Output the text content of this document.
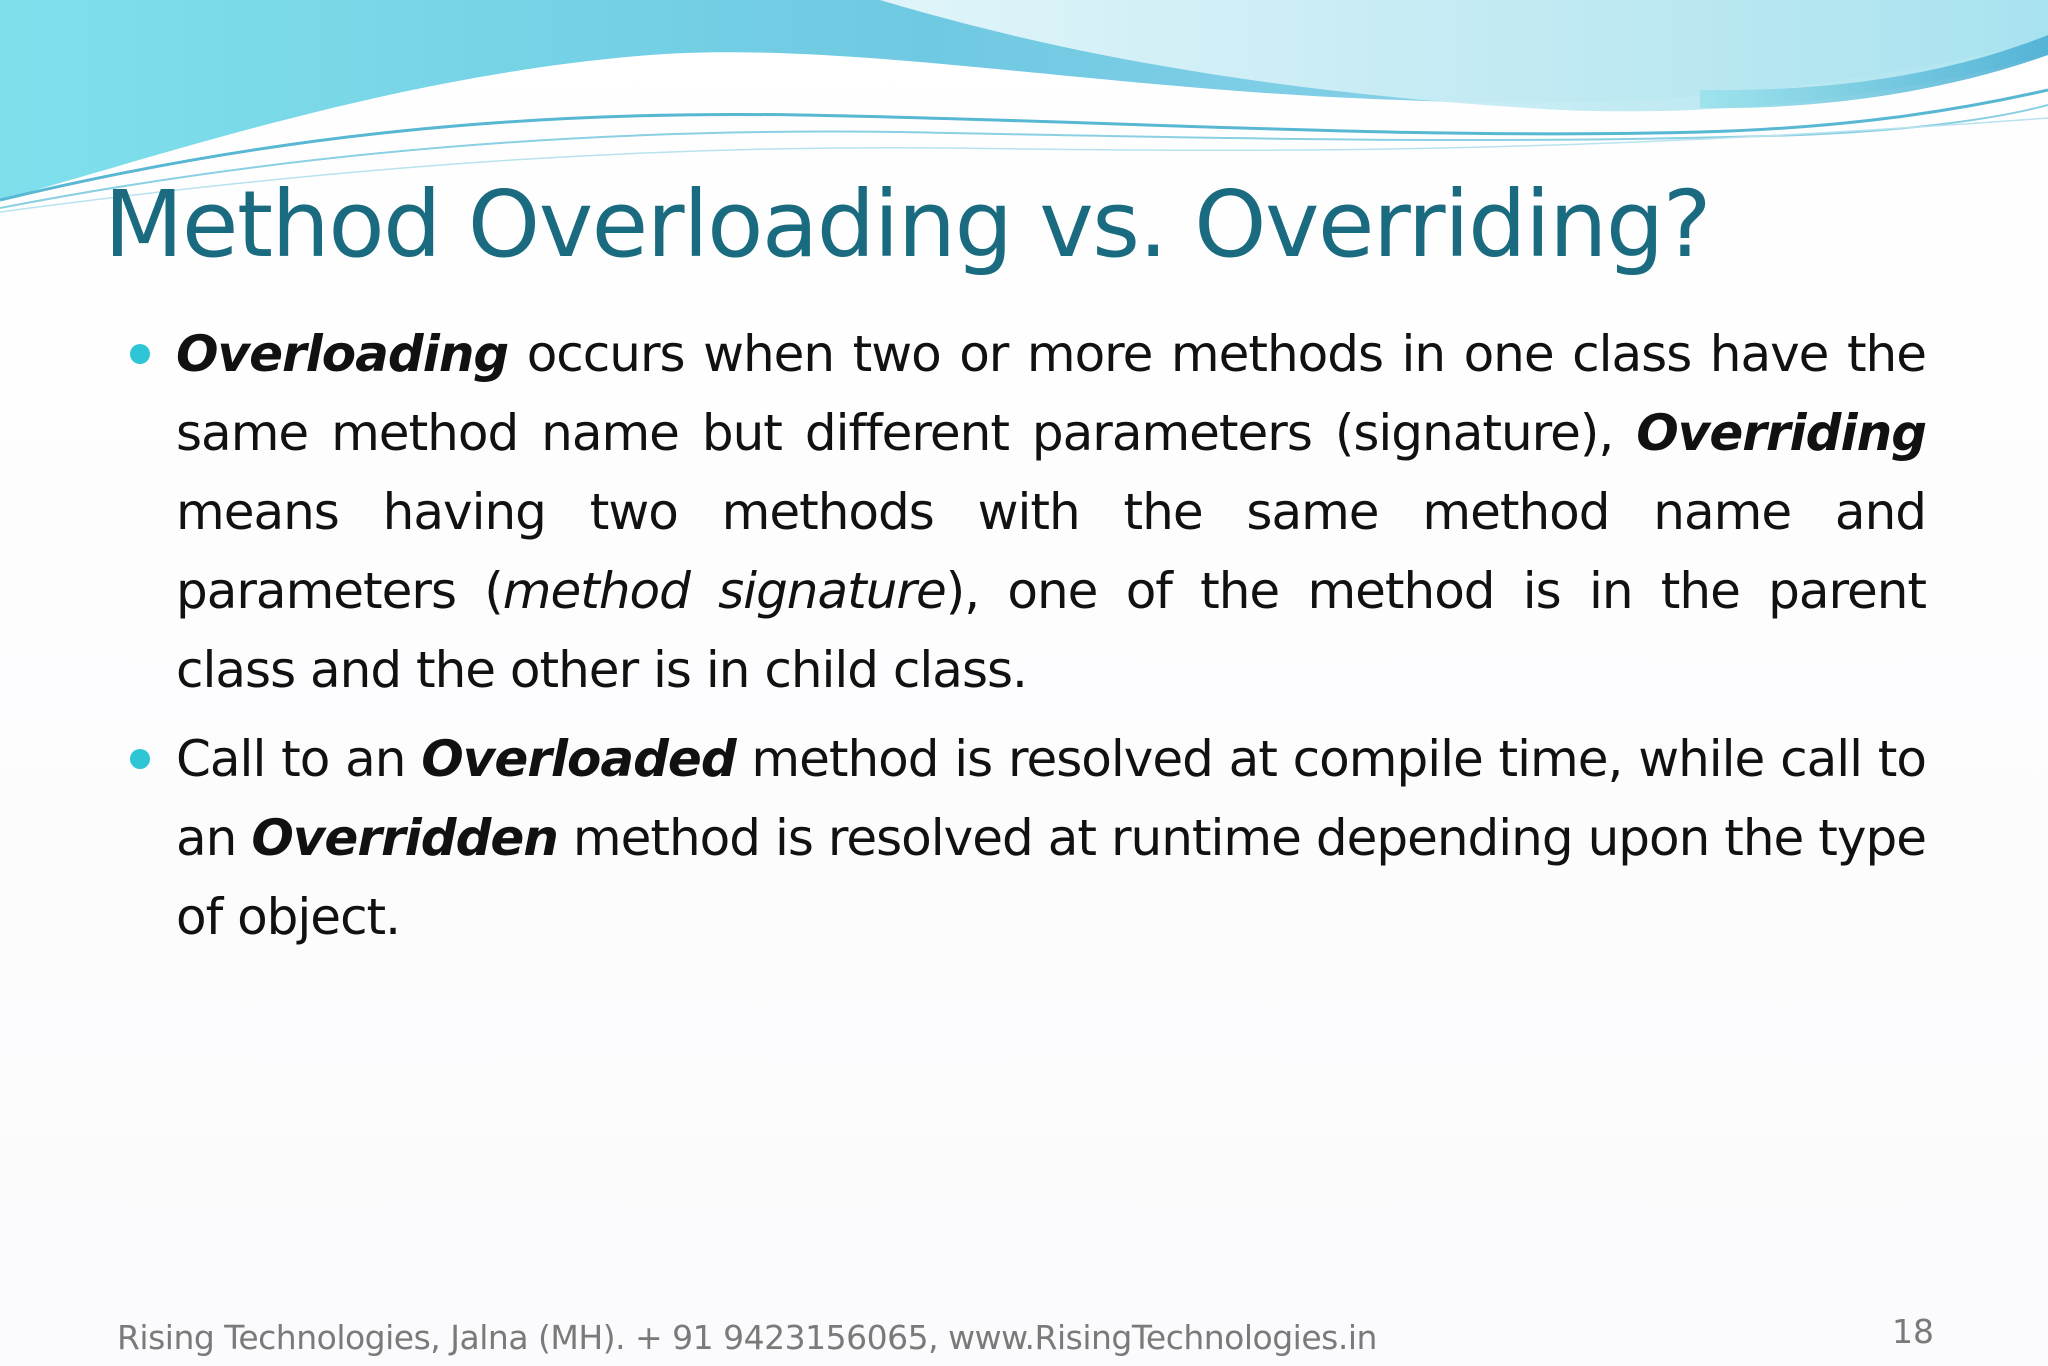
Method Overloading vs. Overriding?
Overloading occurs when two or more methods in one class have the same method name but different parameters (signature), Overriding means having two methods with the same method name and parameters (method signature), one of the method is in the parent class and the other is in child class.
Call to an Overloaded method is resolved at compile time, while call to an Overridden method is resolved at runtime depending upon the type of object.
Rising Technologies, Jalna (MH). + 91 9423156065, www.RisingTechnologies.in	18
